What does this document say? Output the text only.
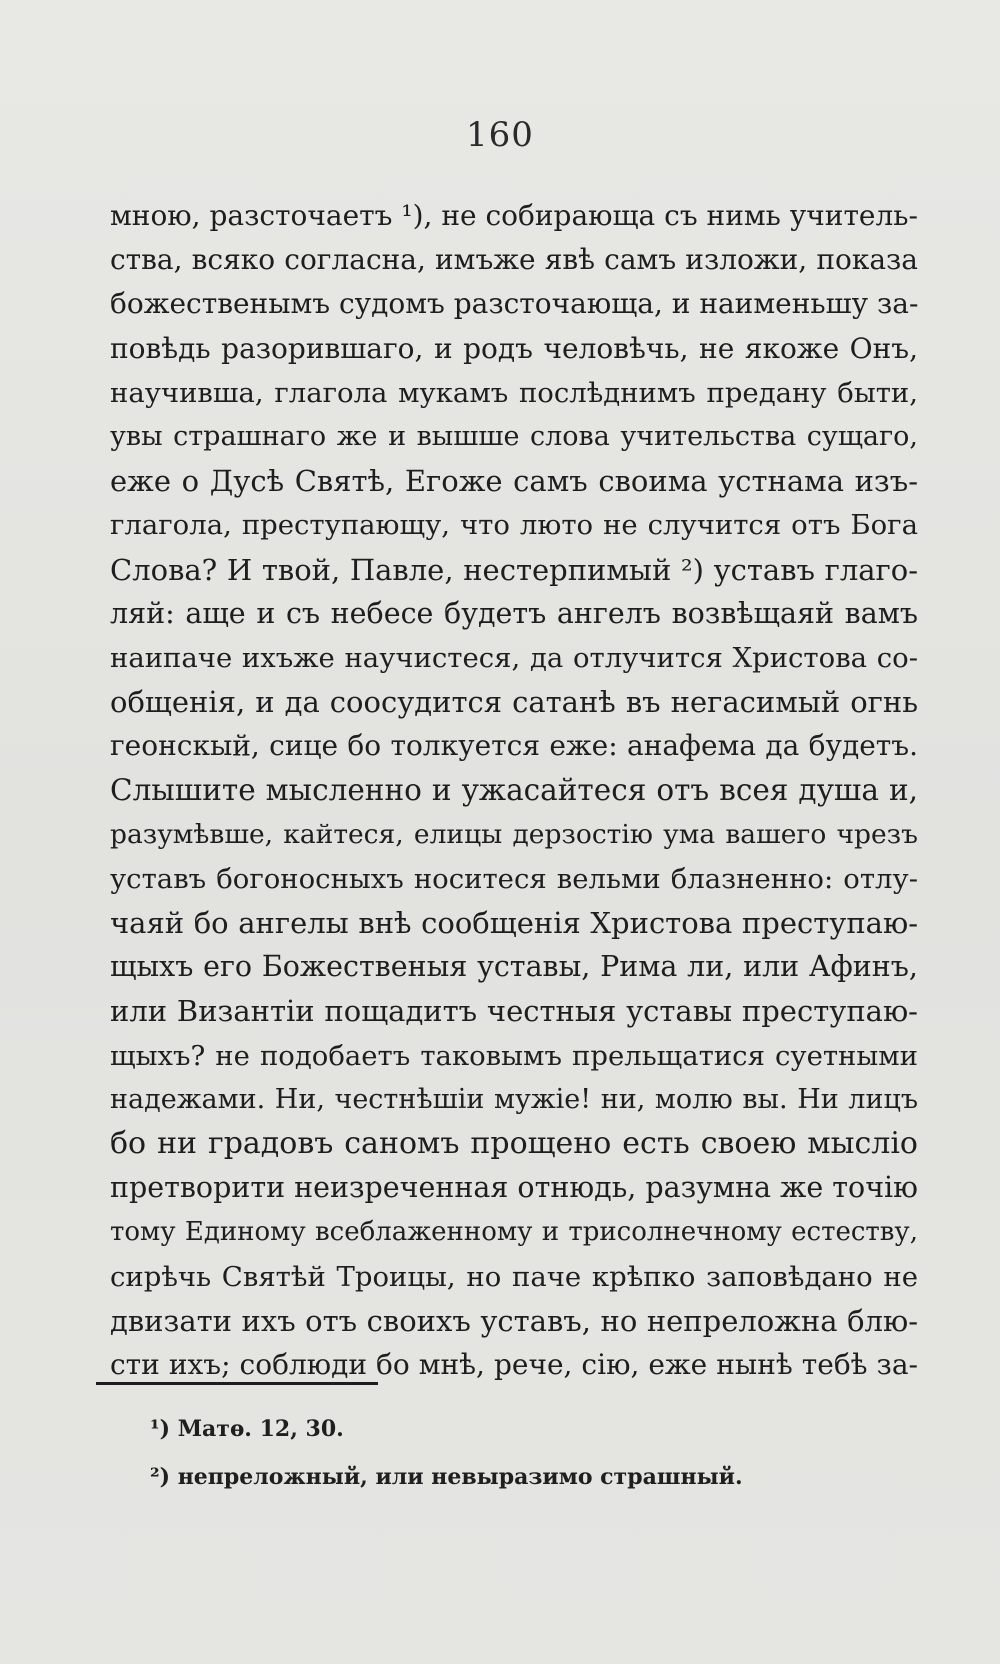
160
мною, разсточаетъ ¹), не собирающа съ нимь учитель-
ства, всяко согласна, имъже явѣ самъ изложи, показа
божественымъ судомъ разсточающа, и наименьшу за-
повѣдь разорившаго, и родъ человѣчь, не якоже Онъ,
научивша, глагола мукамъ послѣднимъ предану быти,
увы страшнаго же и вышше слова учительства сущаго,
еже о Дусѣ Святѣ, Егоже самъ своима устнама изъ-
глагола, преступающу, что люто не случится отъ Бога
Слова? И твой, Павле, нестерпимый ²) уставъ глаго-
ляй: аще и съ небесе будетъ ангелъ возвѣщаяй вамъ
наипаче ихъже научистеся, да отлучится Христова со-
общенія, и да соосудится сатанѣ въ негасимый огнь
геонскый, сице бо толкуется еже: анафема да будетъ.
Слышите мысленно и ужасайтеся отъ всея душа и,
разумѣвше, кайтеся, елицы дерзостію ума вашего чрезъ
уставъ богоносныхъ носитеся вельми блазненно: отлу-
чаяй бо ангелы внѣ сообщенія Христова преступаю-
щыхъ его Божественыя уставы, Рима ли, или Афинъ,
или Византіи пощадитъ честныя уставы преступаю-
щыхъ? не подобаетъ таковымъ прельщатися суетными
надежами. Ни, честнѣшіи мужіе! ни, молю вы. Ни лицъ
бо ни градовъ саномъ прощено есть своею мысліо
претворити неизреченная отнюдь, разумна же точію
тому Единому всеблаженному и трисолнечному естеству,
сирѣчь Святѣй Троицы, но паче крѣпко заповѣдано не
двизати ихъ отъ своихъ уставъ, но непреложна блю-
сти ихъ; соблюди бо мнѣ, рече, сію, еже нынѣ тебѣ за-
¹) Матѳ. 12, 30.
²) непреложный, или невыразимо страшный.
